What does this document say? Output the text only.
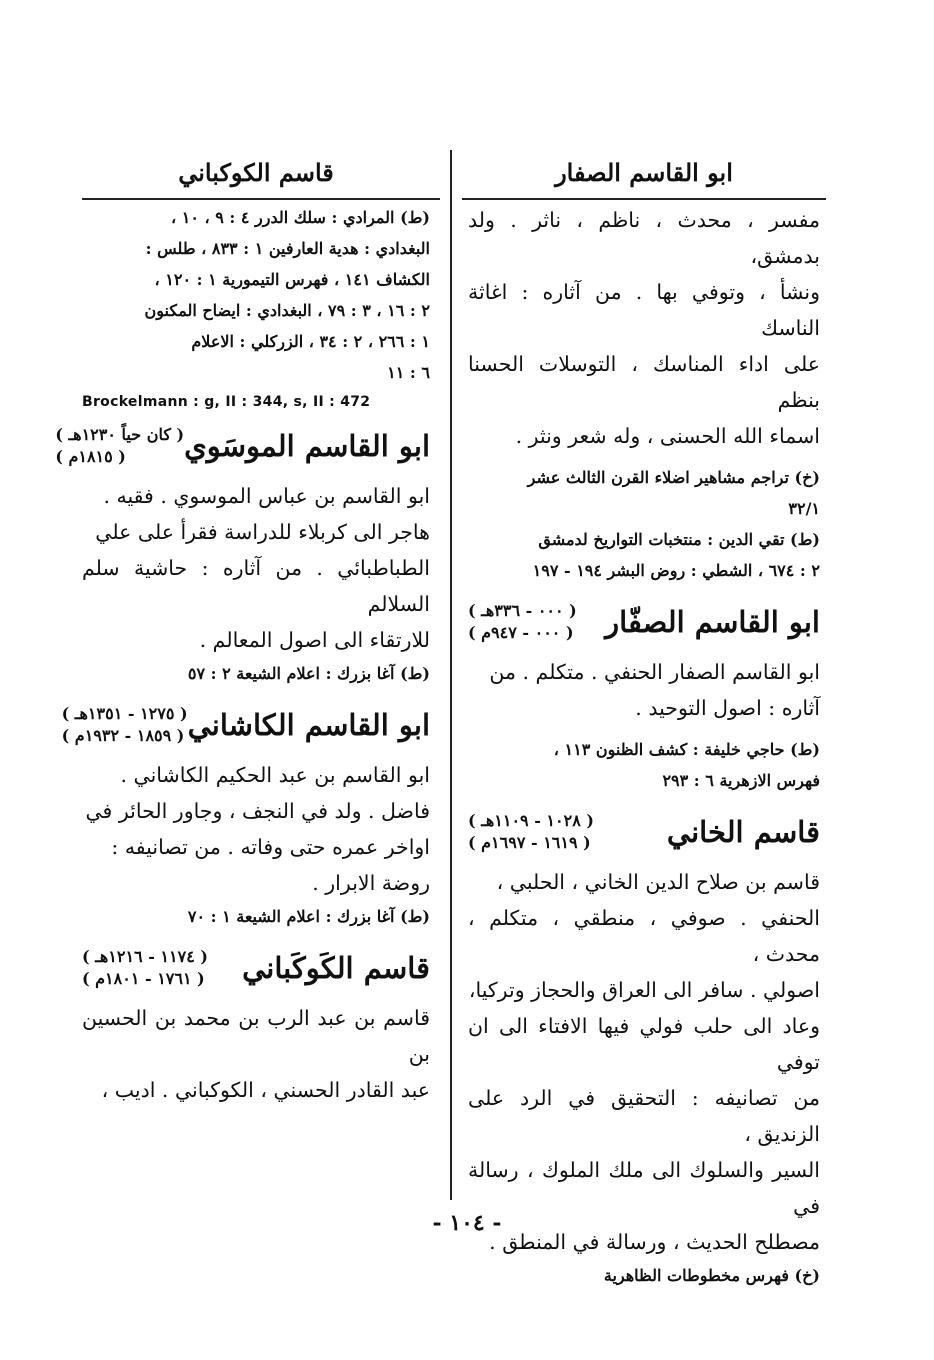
ابو القاسم الصفار

مفسر ، محدث ، ناظم ، ناثر . ولد بدمشق،

ونشأ ، وتوفي بها . من آثاره : اغاثة الناسك

على اداء المناسك ، التوسلات الحسنا بنظم

اسماء الله الحسنى ، وله شعر ونثر .

(خ) تراجم مشاهير اضلاء القرن الثالث عشر

٣٢/١

(ط) تقي الدين : منتخبات التواريخ لدمشق

٢ : ٦٧٤ ، الشطي : روض البشر ١٩٤ - ١٩٧

ابو القاسم الصفّار
( ٠٠٠ - ٣٣٦هـ )
( ٠٠٠ - ٩٤٧م )

ابو القاسم الصفار الحنفي . متكلم . من

آثاره : اصول التوحيد .

(ط) حاجي خليفة : كشف الظنون ١١٣ ،

فهرس الازهرية ٦ : ٢٩٣

قاسم الخاني
( ١٠٢٨ - ١١٠٩هـ )
( ١٦١٩ - ١٦٩٧م )

قاسم بن صلاح الدين الخاني ، الحلبي ،

الحنفي . صوفي ، منطقي ، متكلم ، محدث ،

اصولي . سافر الى العراق والحجاز وتركيا،

وعاد الى حلب فولي فيها الافتاء الى ان توفي

من تصانيفه : التحقيق في الرد على الزنديق ،

السير والسلوك الى ملك الملوك ، رسالة في

مصطلح الحديث ، ورسالة في المنطق .

(خ) فهرس مخطوطات الظاهرية

قاسم الكوكباني

(ط) المرادي : سلك الدرر ٤ : ٩ ، ١٠ ،

البغدادي : هدية العارفين ١ : ٨٣٣ ، طلس :

الكشاف ١٤١ ، فهرس التيمورية ١ : ١٢٠ ،

٢ : ١٦ ، ٣ : ٧٩ ، البغدادي : ايضاح المكنون

١ : ٢٦٦ ، ٢ : ٣٤ ، الزركلي : الاعلام

٦ : ١١

Brockelmann : g, II : 344, s, II : 472

ابو القاسم الموسَوي
( كان حياً ١٢٣٠هـ )
( ١٨١٥م )

ابو القاسم بن عباس الموسوي . فقيه .

هاجر الى كربلاء للدراسة فقرأ على علي

الطباطبائي . من آثاره : حاشية سلم السلالم

للارتقاء الى اصول المعالم .

(ط) آغا بزرك : اعلام الشيعة ٢ : ٥٧

ابو القاسم الكاشاني
( ١٢٧٥ - ١٣٥١هـ )
( ١٨٥٩ - ١٩٣٢م )

ابو القاسم بن عبد الحكيم الكاشاني .

فاضل . ولد في النجف ، وجاور الحائر في

اواخر عمره حتى وفاته . من تصانيفه :

روضة الابرار .

(ط) آغا بزرك : اعلام الشيعة ١ : ٧٠

قاسم الكَوكَباني
( ١١٧٤ - ١٢١٦هـ )
( ١٧٦١ - ١٨٠١م )

قاسم بن عبد الرب بن محمد بن الحسين بن

عبد القادر الحسني ، الكوكباني . اديب ،

- ١٠٤ -
